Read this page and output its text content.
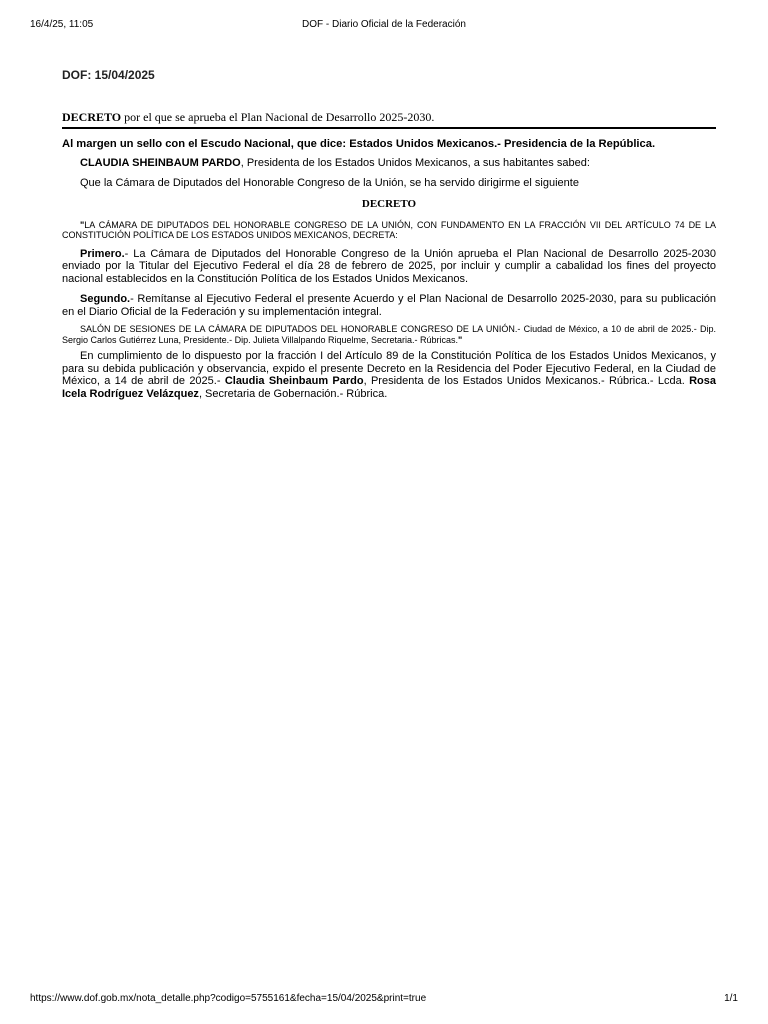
16/4/25, 11:05	DOF - Diario Oficial de la Federación

DOF: 15/04/2025

DECRETO por el que se aprueba el Plan Nacional de Desarrollo 2025-2030.

Al margen un sello con el Escudo Nacional, que dice: Estados Unidos Mexicanos.- Presidencia de la República.

CLAUDIA SHEINBAUM PARDO, Presidenta de los Estados Unidos Mexicanos, a sus habitantes sabed:

Que la Cámara de Diputados del Honorable Congreso de la Unión, se ha servido dirigirme el siguiente

DECRETO

"LA CÁMARA DE DIPUTADOS DEL HONORABLE CONGRESO DE LA UNIÓN, CON FUNDAMENTO EN LA FRACCIÓN VII DEL ARTÍCULO 74 DE LA CONSTITUCIÓN POLÍTICA DE LOS ESTADOS UNIDOS MEXICANOS, DECRETA:

Primero.- La Cámara de Diputados del Honorable Congreso de la Unión aprueba el Plan Nacional de Desarrollo 2025-2030 enviado por la Titular del Ejecutivo Federal el día 28 de febrero de 2025, por incluir y cumplir a cabalidad los fines del proyecto nacional establecidos en la Constitución Política de los Estados Unidos Mexicanos.

Segundo.- Remítanse al Ejecutivo Federal el presente Acuerdo y el Plan Nacional de Desarrollo 2025-2030, para su publicación en el Diario Oficial de la Federación y su implementación integral.

SALÓN DE SESIONES DE LA CÁMARA DE DIPUTADOS DEL HONORABLE CONGRESO DE LA UNIÓN.- Ciudad de México, a 10 de abril de 2025.- Dip. Sergio Carlos Gutiérrez Luna, Presidente.- Dip. Julieta Villalpando Riquelme, Secretaria.- Rúbricas."

En cumplimiento de lo dispuesto por la fracción I del Artículo 89 de la Constitución Política de los Estados Unidos Mexicanos, y para su debida publicación y observancia, expido el presente Decreto en la Residencia del Poder Ejecutivo Federal, en la Ciudad de México, a 14 de abril de 2025.- Claudia Sheinbaum Pardo, Presidenta de los Estados Unidos Mexicanos.- Rúbrica.- Lcda. Rosa Icela Rodríguez Velázquez, Secretaria de Gobernación.- Rúbrica.

https://www.dof.gob.mx/nota_detalle.php?codigo=5755161&fecha=15/04/2025&print=true	1/1
